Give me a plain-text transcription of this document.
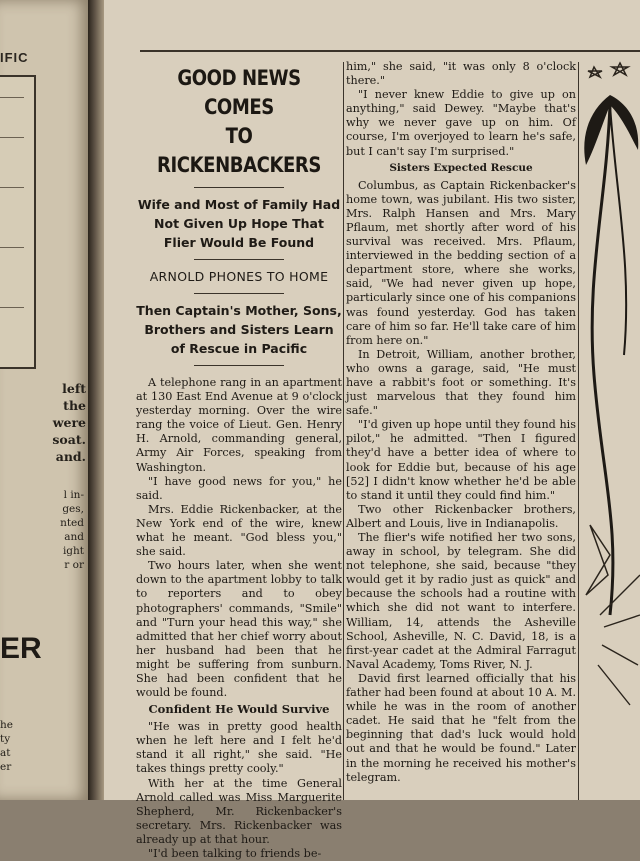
IFIC
left
the
were
soat.
and.
l in-
ges,
nted
and
ight
r or
ER
he
ty
at
er
GOOD NEWS COMES
TO RICKENBACKERS
Wife and Most of Family Had
Not Given Up Hope That
Flier Would Be Found
ARNOLD PHONES TO HOME
Then Captain's Mother, Sons,
Brothers and Sisters Learn
of Rescue in Pacific

A telephone rang in an apartment at 130 East End Avenue at 9 o'clock yesterday morning. Over the wire rang the voice of Lieut. Gen. Henry H. Arnold, commanding general, Army Air Forces, speaking from Washington.

"I have good news for you," he said.

Mrs. Eddie Rickenbacker, at the New York end of the wire, knew what he meant. "God bless you," she said.

Two hours later, when she went down to the apartment lobby to talk to reporters and to obey photographers' commands, "Smile" and "Turn your head this way," she admitted that her chief worry about her husband had been that he might be suffering from sunburn. She had been confident that he would be found.

Confident He Would Survive

"He was in pretty good health when he left here and I felt he'd stand it all right," she said. "He takes things pretty cooly."

With her at the time General Arnold called was Miss Marguerite Shepherd, Mr. Rickenbacker's secretary. Mrs. Rickenbacker was already up at that hour.

"I'd been talking to friends be-

him," she said, "it was only 8 o'clock there."

"I never knew Eddie to give up on anything," said Dewey. "Maybe that's why we never gave up on him. Of course, I'm overjoyed to learn he's safe, but I can't say I'm surprised."

Sisters Expected Rescue

Columbus, as Captain Rickenbacker's home town, was jubilant. His two sister, Mrs. Ralph Hansen and Mrs. Mary Pflaum, met shortly after word of his survival was received. Mrs. Pflaum, interviewed in the bedding section of a department store, where she works, said, "We had never given up hope, particularly since one of his companions was found yesterday. God has taken care of him so far. He'll take care of him from here on."

In Detroit, William, another brother, who owns a garage, said, "He must have a rabbit's foot or something. It's just marvelous that they found him safe."

"I'd given up hope until they found his pilot," he admitted. "Then I figured they'd have a better idea of where to look for Eddie but, because of his age [52] I didn't know whether he'd be able to stand it until they could find him."

Two other Rickenbacker brothers, Albert and Louis, live in Indianapolis.

The flier's wife notified her two sons, away in school, by telegram. She did not telephone, she said, because "they would get it by radio just as quick" and because the schools had a routine with which she did not want to interfere. William, 14, attends the Asheville School, Asheville, N. C. David, 18, is a first-year cadet at the Admiral Farragut Naval Academy, Toms River, N. J.

David first learned officially that his father had been found at about 10 A. M. while he was in the room of another cadet. He said that he "felt from the beginning that dad's luck would hold out and that he would be found." Later in the morning he received his mother's telegram.
